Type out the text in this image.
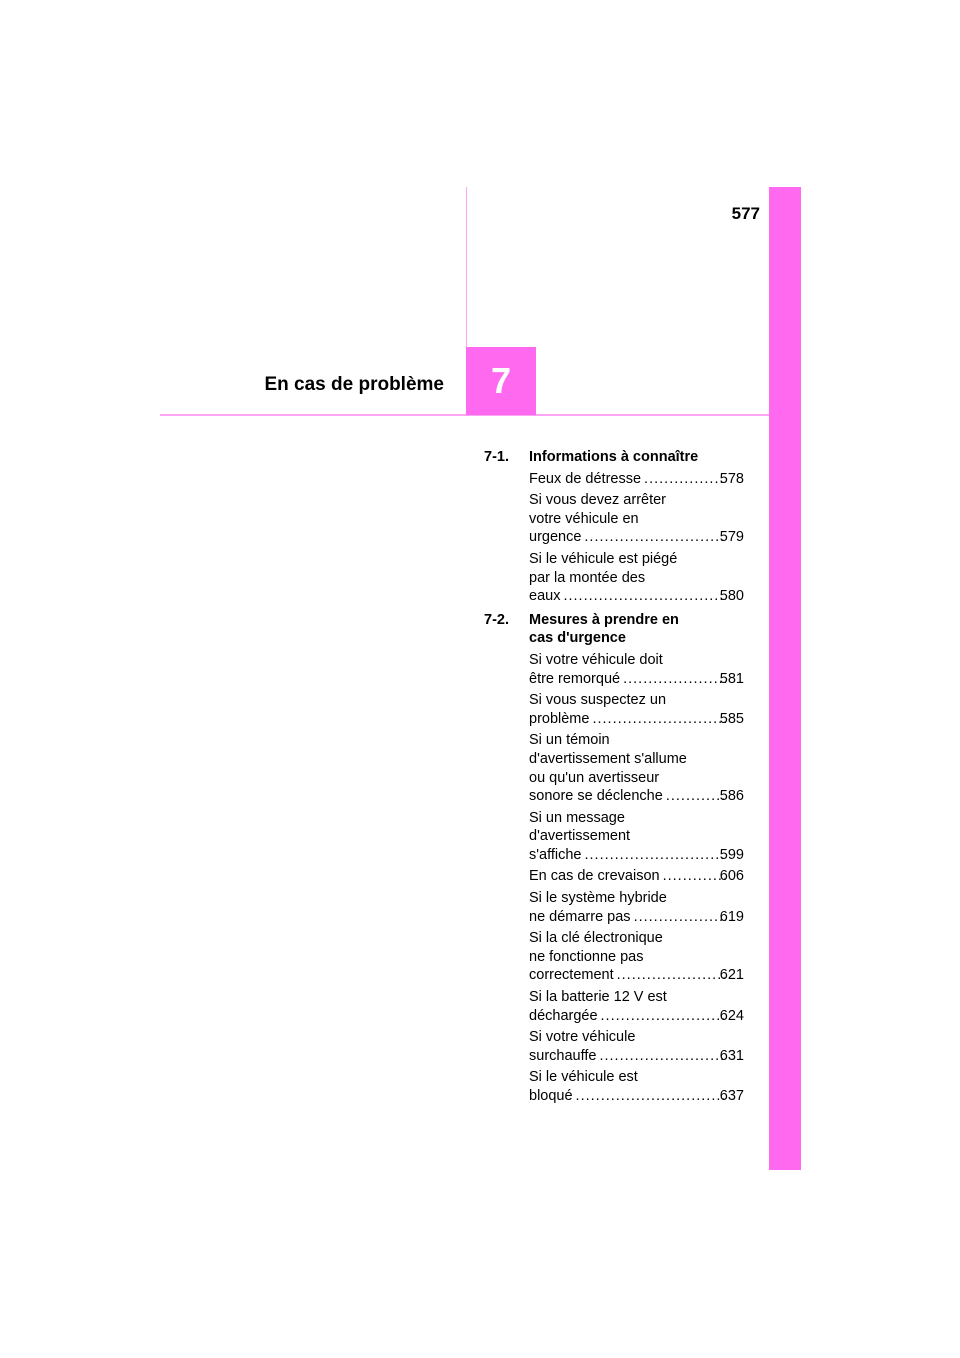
577
7
En cas de problème
7-1.	Informations à connaître
Feux de détresse .....	578
Si vous devez arrêter
votre véhicule en
urgence .....	579
Si le véhicule est piégé
par la montée des
eaux .....	580
7-2.	Mesures à prendre en
cas d'urgence
Si votre véhicule doit
être remorqué .....	581
Si vous suspectez un
problème .....	585
Si un témoin
d'avertissement s'allume
ou qu'un avertisseur
sonore se déclenche .....	586
Si un message
d'avertissement
s'affiche .....	599
En cas de crevaison .....	606
Si le système hybride
ne démarre pas .....	619
Si la clé électronique
ne fonctionne pas
correctement .....	621
Si la batterie 12 V est
déchargée .....	624
Si votre véhicule
surchauffe .....	631
Si le véhicule est
bloqué .....	637
